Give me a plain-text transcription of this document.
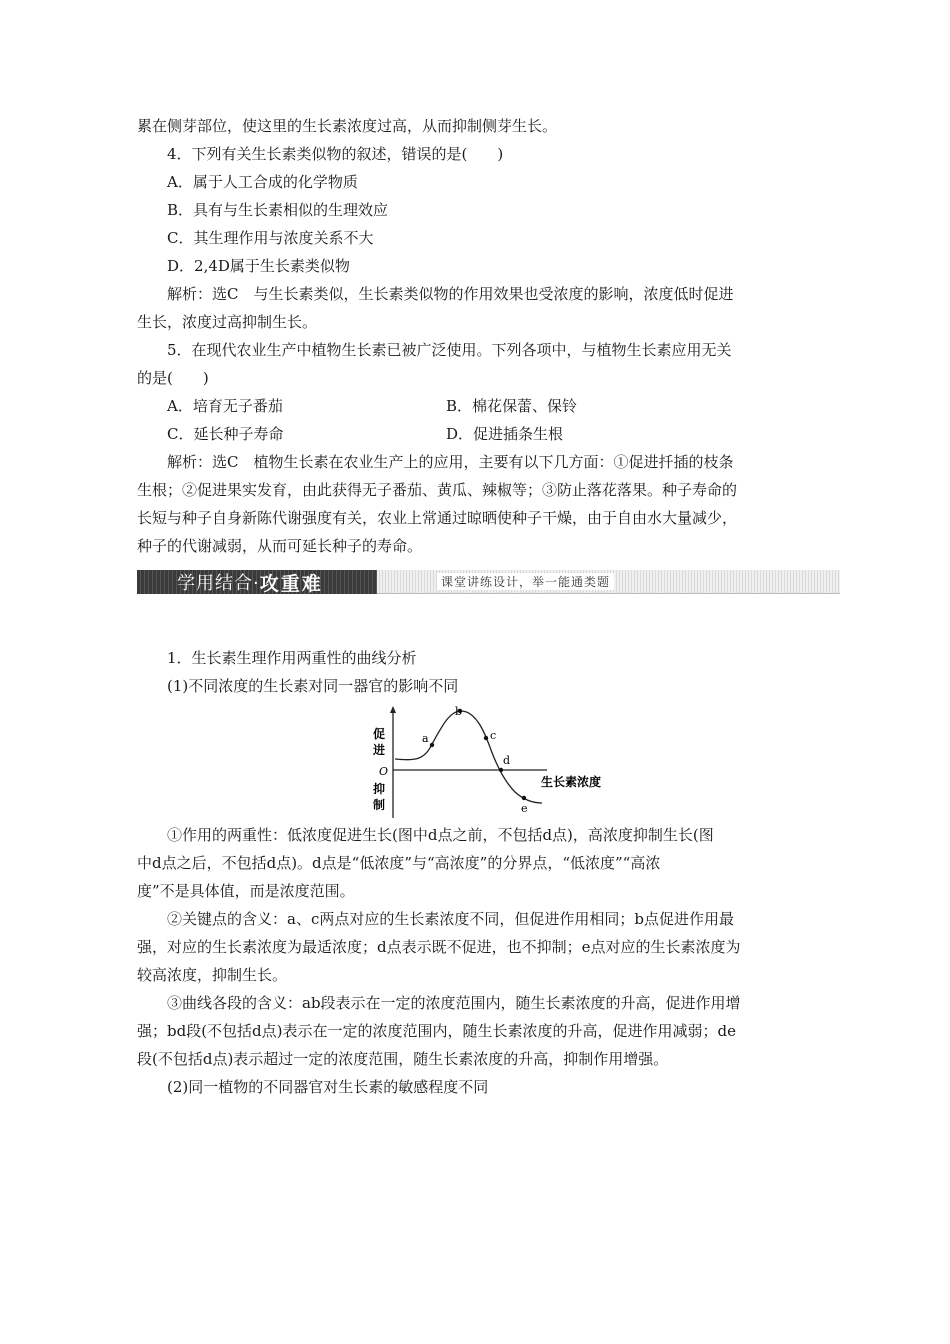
累在侧芽部位，使这里的生长素浓度过高，从而抑制侧芽生长。

4．下列有关生长素类似物的叙述，错误的是(　　)

A．属于人工合成的化学物质

B．具有与生长素相似的生理效应

C．其生理作用与浓度关系不大

D．2,4D属于生长素类似物

解析：选C　与生长素类似，生长素类似物的作用效果也受浓度的影响，浓度低时促进

生长，浓度过高抑制生长。

5．在现代农业生产中植物生长素已被广泛使用。下列各项中，与植物生长素应用无关

的是(　　)

A．培育无子番茄	B．棉花保蕾、保铃
C．延长种子寿命	D．促进插条生根

解析：选C　植物生长素在农业生产上的应用，主要有以下几方面：①促进扦插的枝条

生根；②促进果实发育，由此获得无子番茄、黄瓜、辣椒等；③防止落花落果。种子寿命的

长短与种子自身新陈代谢强度有关，农业上常通过晾晒使种子干燥，由于自由水大量减少，

种子的代谢减弱，从而可延长种子的寿命。

学用结合· 攻重难	课堂讲练设计，举一能通类题

1．生长素生理作用两重性的曲线分析

(1)不同浓度的生长素对同一器官的影响不同

a
b
c
d
e
促
进
O
抑
制
生长素浓度

①作用的两重性：低浓度促进生长(图中d点之前，不包括d点)，高浓度抑制生长(图

中d点之后，不包括d点)。d点是“低浓度”与“高浓度”的分界点，“低浓度”“高浓

度”不是具体值，而是浓度范围。

②关键点的含义：a、c两点对应的生长素浓度不同，但促进作用相同；b点促进作用最

强，对应的生长素浓度为最适浓度；d点表示既不促进，也不抑制；e点对应的生长素浓度为

较高浓度，抑制生长。

③曲线各段的含义：ab段表示在一定的浓度范围内，随生长素浓度的升高，促进作用增

强；bd段(不包括d点)表示在一定的浓度范围内，随生长素浓度的升高，促进作用减弱；de

段(不包括d点)表示超过一定的浓度范围，随生长素浓度的升高，抑制作用增强。

(2)同一植物的不同器官对生长素的敏感程度不同
